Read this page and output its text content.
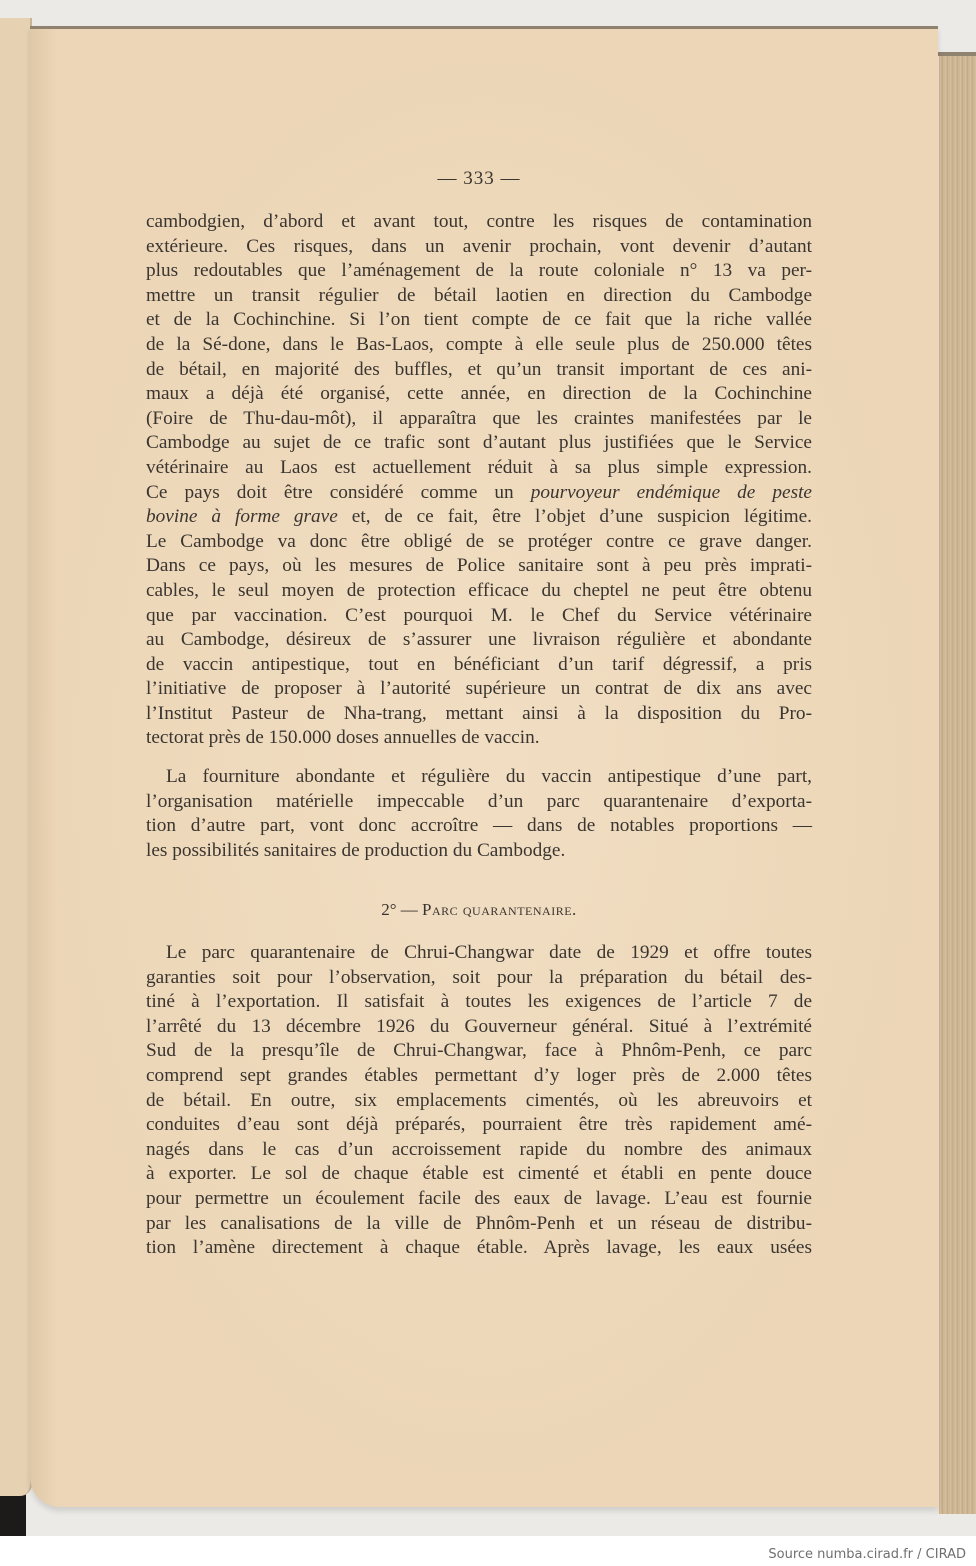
— 333 —
cambodgien, d’abord et avant tout, contre les risques de contamination
extérieure. Ces risques, dans un avenir prochain, vont devenir d’autant
plus redoutables que l’aménagement de la route coloniale n° 13 va per-
mettre un transit régulier de bétail laotien en direction du Cambodge
et de la Cochinchine. Si l’on tient compte de ce fait que la riche vallée
de la Sé-done, dans le Bas-Laos, compte à elle seule plus de 250.000 têtes
de bétail, en majorité des buffles, et qu’un transit important de ces ani-
maux a déjà été organisé, cette année, en direction de la Cochinchine
(Foire de Thu-dau-môt), il apparaîtra que les craintes manifestées par le
Cambodge au sujet de ce trafic sont d’autant plus justifiées que le Service
vétérinaire au Laos est actuellement réduit à sa plus simple expression.
Ce pays doit être considéré comme un pourvoyeur endémique de peste
bovine à forme grave et, de ce fait, être l’objet d’une suspicion légitime.
Le Cambodge va donc être obligé de se protéger contre ce grave danger.
Dans ce pays, où les mesures de Police sanitaire sont à peu près imprati-
cables, le seul moyen de protection efficace du cheptel ne peut être obtenu
que par vaccination. C’est pourquoi M. le Chef du Service vétérinaire
au Cambodge, désireux de s’assurer une livraison régulière et abondante
de vaccin antipestique, tout en bénéficiant d’un tarif dégressif, a pris
l’initiative de proposer à l’autorité supérieure un contrat de dix ans avec
l’Institut Pasteur de Nha-trang, mettant ainsi à la disposition du Pro-
tectorat près de 150.000 doses annuelles de vaccin.
La fourniture abondante et régulière du vaccin antipestique d’une part,
l’organisation matérielle impeccable d’un parc quarantenaire d’exporta-
tion d’autre part, vont donc accroître — dans de notables proportions —
les possibilités sanitaires de production du Cambodge.
2° — Parc quarantenaire.
Le parc quarantenaire de Chrui-Changwar date de 1929 et offre toutes
garanties soit pour l’observation, soit pour la préparation du bétail des-
tiné à l’exportation. Il satisfait à toutes les exigences de l’article 7 de
l’arrêté du 13 décembre 1926 du Gouverneur général. Situé à l’extrémité
Sud de la presqu’île de Chrui-Changwar, face à Phnôm-Penh, ce parc
comprend sept grandes étables permettant d’y loger près de 2.000 têtes
de bétail. En outre, six emplacements cimentés, où les abreuvoirs et
conduites d’eau sont déjà préparés, pourraient être très rapidement amé-
nagés dans le cas d’un accroissement rapide du nombre des animaux
à exporter. Le sol de chaque étable est cimenté et établi en pente douce
pour permettre un écoulement facile des eaux de lavage. L’eau est fournie
par les canalisations de la ville de Phnôm-Penh et un réseau de distribu-
tion l’amène directement à chaque étable. Après lavage, les eaux usées
Source numba.cirad.fr / CIRAD
